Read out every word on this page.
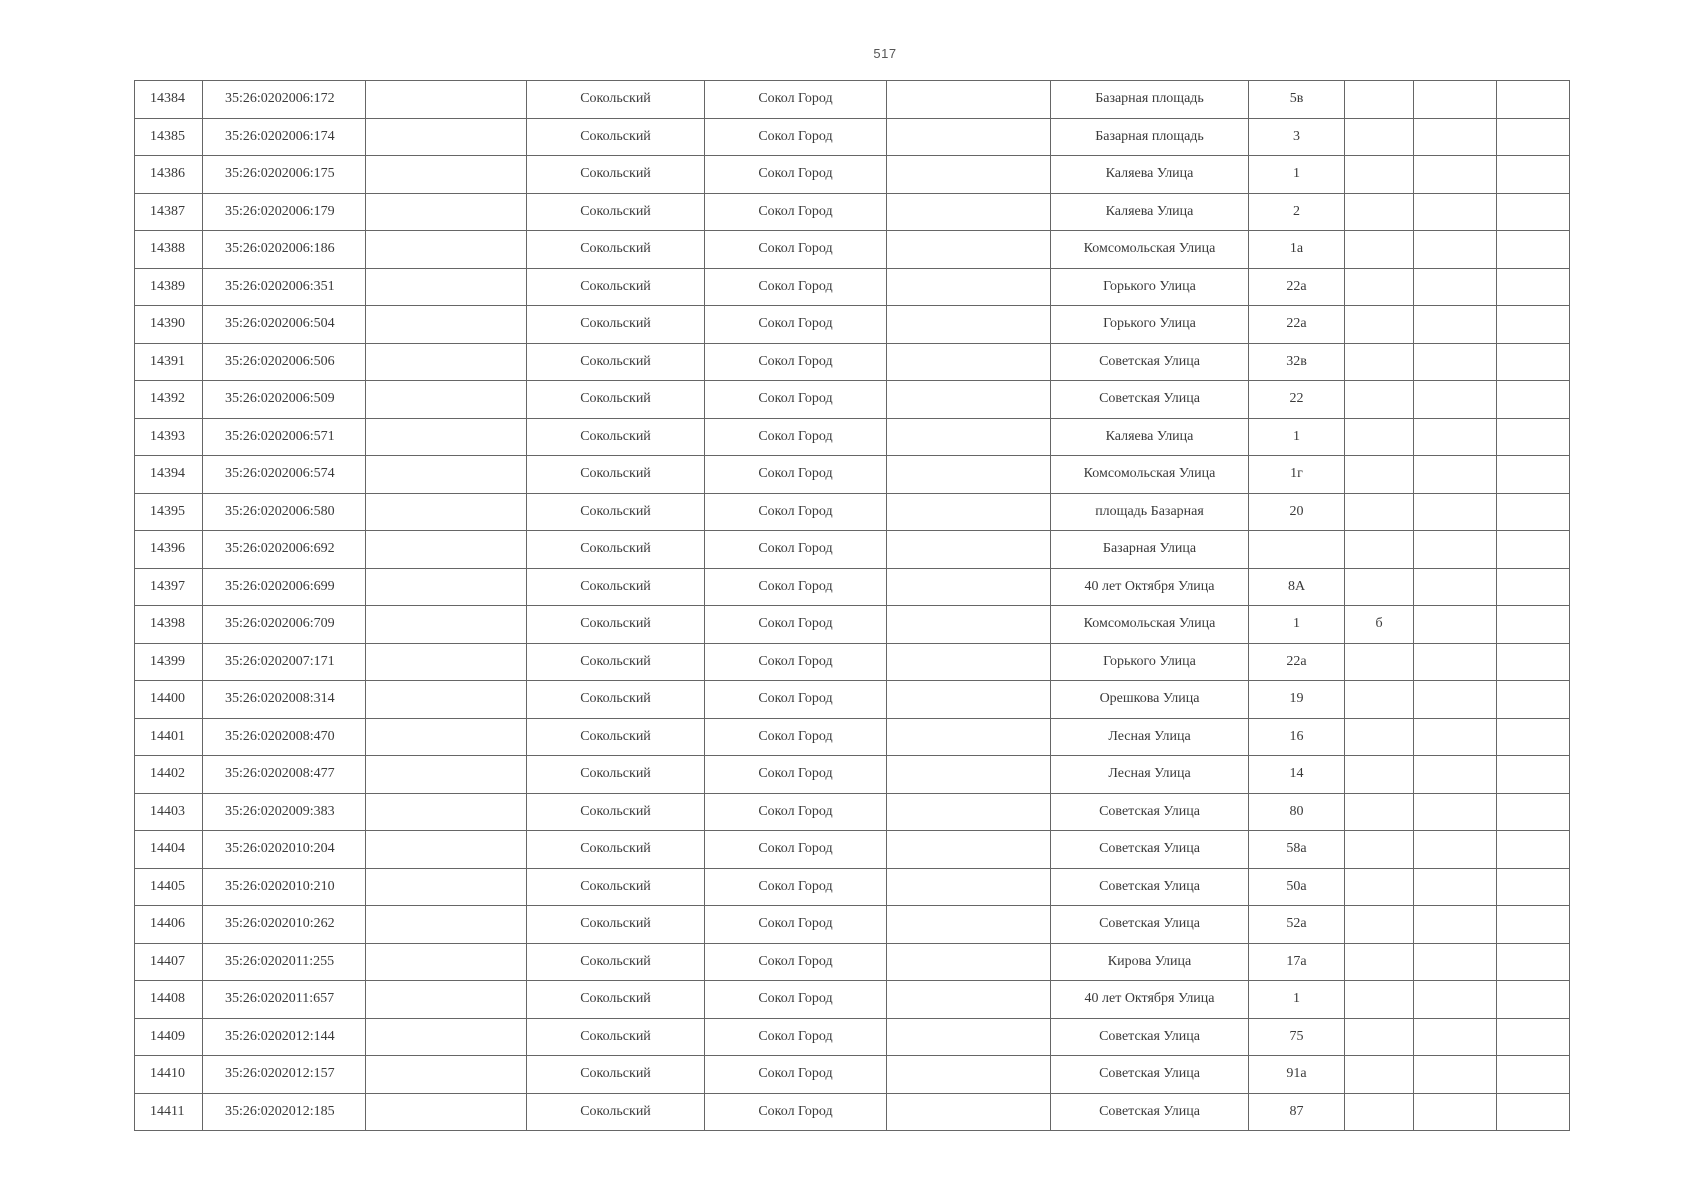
517
14384	35:26:0202006:172		Сокольский	Сокол Город		Базарная площадь	5в			
14385	35:26:0202006:174		Сокольский	Сокол Город		Базарная площадь	3			
14386	35:26:0202006:175		Сокольский	Сокол Город		Каляева Улица	1			
14387	35:26:0202006:179		Сокольский	Сокол Город		Каляева Улица	2			
14388	35:26:0202006:186		Сокольский	Сокол Город		Комсомольская Улица	1а			
14389	35:26:0202006:351		Сокольский	Сокол Город		Горького Улица	22а			
14390	35:26:0202006:504		Сокольский	Сокол Город		Горького Улица	22а			
14391	35:26:0202006:506		Сокольский	Сокол Город		Советская Улица	32в			
14392	35:26:0202006:509		Сокольский	Сокол Город		Советская Улица	22			
14393	35:26:0202006:571		Сокольский	Сокол Город		Каляева Улица	1			
14394	35:26:0202006:574		Сокольский	Сокол Город		Комсомольская Улица	1г			
14395	35:26:0202006:580		Сокольский	Сокол Город		площадь Базарная	20			
14396	35:26:0202006:692		Сокольский	Сокол Город		Базарная Улица				
14397	35:26:0202006:699		Сокольский	Сокол Город		40 лет Октября Улица	8А			
14398	35:26:0202006:709		Сокольский	Сокол Город		Комсомольская Улица	1	б		
14399	35:26:0202007:171		Сокольский	Сокол Город		Горького Улица	22а			
14400	35:26:0202008:314		Сокольский	Сокол Город		Орешкова Улица	19			
14401	35:26:0202008:470		Сокольский	Сокол Город		Лесная Улица	16			
14402	35:26:0202008:477		Сокольский	Сокол Город		Лесная Улица	14			
14403	35:26:0202009:383		Сокольский	Сокол Город		Советская Улица	80			
14404	35:26:0202010:204		Сокольский	Сокол Город		Советская Улица	58а			
14405	35:26:0202010:210		Сокольский	Сокол Город		Советская Улица	50а			
14406	35:26:0202010:262		Сокольский	Сокол Город		Советская Улица	52а			
14407	35:26:0202011:255		Сокольский	Сокол Город		Кирова Улица	17а			
14408	35:26:0202011:657		Сокольский	Сокол Город		40 лет Октября Улица	1			
14409	35:26:0202012:144		Сокольский	Сокол Город		Советская Улица	75			
14410	35:26:0202012:157		Сокольский	Сокол Город		Советская Улица	91а			
14411	35:26:0202012:185		Сокольский	Сокол Город		Советская Улица	87			
